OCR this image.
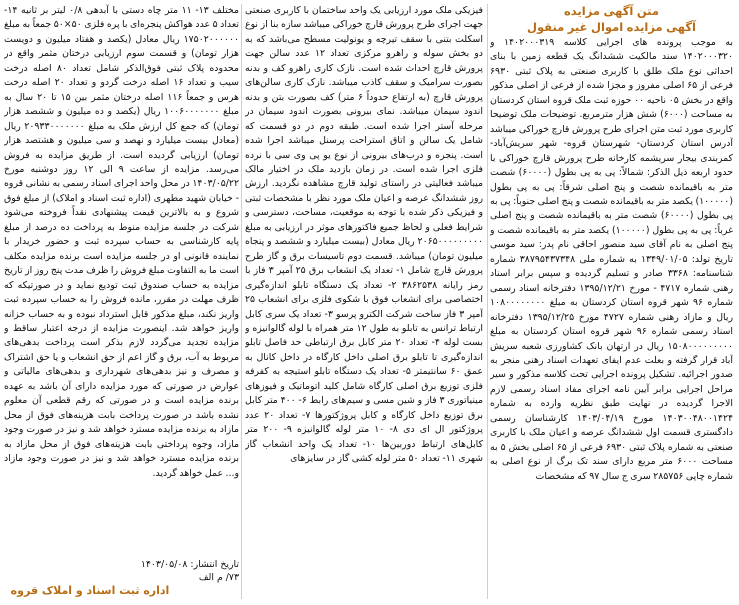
متن آگهی مزایده
آگهی مزایده اموال غیر منقول
به موجب پرونده های اجرایی کلاسه ۱۴۰۲۰۰۰۳۱۹ و ۱۴۰۲۰۰۰۳۲۰ سند مالکیت ششدانگ یک قطعه زمین با بنای احداثی نوع ملک طلق با کاربری صنعتی به پلاک ثبتی ۶۹۳۰ فرعی از ۶۵ اصلی مفروز و مجزا شده از فرعی از اصلی مذکور واقع در بخش ۰۵ ناحیه ۰۰ حوزه ثبت ملک قروه استان کردستان به مساحت (۶۰۰۰) شش هزار مترمربع. توضیحات ملک توضیحا کاربری مورد ثبت متن اجرای طرح پرورش قارچ خوراکی میباشد آدرس استان کردستان- شهرستان قروه- شهر سریش‌آباد-کمربندی بیجار سریشمه کارخانه طرح پرورش قارچ خوراکی با حدود اربعه ذیل الذکر: شمالاً: پی به پی بطول (۶۰۰۰۰) شصت متر به باقیمانده شصت و پنج اصلی شرقاً: پی به پی بطول (۱۰۰۰۰۰) یکصد متر به باقیمانده شصت و پنج اصلی جنوباً: پی به پی بطول (۶۰۰۰۰) شصت متر به باقیمانده شصت و پنج اصلی غرباً: پی به پی بطول (۱۰۰۰۰۰) یکصد متر به باقیمانده شصت و پنج اصلی به نام آقای سید منصور احاقی نام پدر: سید موسی تاریخ تولد: ۱۳۴۹/۰۱/۰۵ به شماره ملی ۳۸۷۹۵۴۳۷۳۴۸ شماره شناسنامه: ۳۳۶۸ صادر و تسلیم گردیده و سپس برابر اسناد رهنی شماره ۴۷۱۷ - مورخ ۱۳۹۵/۱۲/۲۱ دفترخانه اسناد رسمی شماره ۹۶ شهر قروه استان کردستان به مبلغ ۱۰۸۰۰۰۰۰۰۰۰ ریال و مازاد رهنی شماره ۴۷۲۷ مورخ ۱۳۹۵/۱۲/۲۵ دفترخانه اسناد رسمی شماره ۹۶ شهر قروه استان کردستان به مبلغ ۱۵۰۸۰۰۰۰۰۰۰۰۰ ریال در ارتهان بانک کشاورزی شعبه سریش آباد قرار گرفته و بعلت عدم ایفای تعهدات اسناد رهنی منجر به صدور اجرائیه. تشکیل پرونده اجرایی تحت کلاسه مذکور و سیر مراحل اجرایی برابر آیین نامه اجرای مفاد اسناد رسمی لازم الاجرا گردیده در نهایت طبق نظریه وارده به شماره ۱۴۰۳۰۰۴۸۰۰۱۴۲۴ مورخ ۱۴۰۳/۰۴/۱۹ کارشناسان رسمی دادگستری قسمت اول ششدانگ عرصه و اعیان ملک با کاربری صنعتی به شماره پلاک ثبتی ۶۹۳۰ فرعی از ۶۵ اصلی بخش ۵ به مساحت ۶۰۰۰ متر مربع دارای سند تک برگ از نوع اصلی به شماره چاپی ۲۸۵۷۵۶ سری ج سال ۹۷ که مشخصات
فیزیکی ملک مورد ارزیابی یک واحد ساختمان با کاربری صنعتی جهت اجرای طرح پرورش قارچ خوراکی میباشد سازه بنا از نوع اسکلت بتنی با سقف تیرچه و یونولیت مسطح می‌باشد که به دو بخش سوله و راهرو مرکزی تعداد ۱۲ عدد سالن جهت پرورش قارچ احداث شده است. نازک کاری راهرو کف و بدنه بصورت سرامیک و سقف کاذب میباشد. نازک کاری سالن‌های پرورش قارچ (به ارتفاع حدوداً ۶ متر) کف بصورت بتن و بدنه اندود سیمان میباشد. نمای بیرونی بصورت اندود سیمان در مرحله آستر اجرا شده است. طبقه دوم در دو قسمت که شامل یک سالن و اتاق استراحت پرسنل میباشد اجرا شده است. پنجره و درب‌های بیرونی از نوع یو پی وی سی با نرده فلزی اجرا شده است. در زمان بازدید ملک در اختیار مالک میباشد فعالیتی در راستای تولید قارچ مشاهده نگردید. ارزش روز ششدانگ عرصه و اعیان ملک مورد نظر با مشخصات ثبتی و فیزیکی ذکر شده با توجه به موقعیت، مساحت، دسترسی و شرایط فعلی و لحاظ جمیع فاکتورهای موثر در ارزیابی به مبلغ ۲۰۶۵۰۰۰۰۰۰۰۰۰ ریال معادل (بیست میلیارد و ششصد و پنجاه میلیون تومان) میباشد. قسمت دوم تاسیسات برق و گاز طرح پرورش قارچ شامل ۱- تعداد یک انشعاب برق ۲۵ آمپر ۳ فاز با رمز رایانه ۳۸۶۲۵۳۸ ۲- تعداد یک دستگاه تابلو اندازه‌گیری اختصاصی برای انشعاب فوق با شکوی فلزی برای انشعاب ۲۵ آمپر ۳ فاز ساخت شرکت الکترو پرسو ۳- تعداد یک سری کابل ارتباط ترانس به تابلو به طول ۱۲ متر همراه با لوله گالوانیزه و بست لوله ۴- تعداد ۲۰ متر کابل برق ارتباطی حد فاصل تابلو اندازه‌گیری تا تابلو برق اصلی داخل کارگاه در داخل کانال به عمق ۶۰ سانتیمتر ۵- تعداد یک دستگاه تابلو استیجه به کفرفه فلزی توزیع برق اصلی کارگاه شامل کلید اتوماتیک و فیوزهای مینیاتوری ۳ فاز و شین مسی و سیم‌های رابط ۶- ۴۰۰ متر کابل برق توزیع داخل کارگاه و کابل پروژکتورها ۷- تعداد ۲۰ عدد پروژکتور ال ای دی ۸- ۱۰ متر لوله گالوانیزه ۹- ۲۰۰ متر کابل‌های ارتباط دوربین‌ها ۱۰- تعداد یک واحد انشعاب گاز شهری ۱۱- تعداد ۵۰ متر لوله کشی گاز در سایزهای
مختلف ۱۳- ۱۱ متر چاه دستی با آبدهی ۰/۸ لیتر بر ثانیه ۱۴- تعداد ۵ عدد هواکش پنجره‌ای با پره فلزی ۵۰×۵۰ جمعاً به مبلغ ۱۷۵۰۲۰۰۰۰۰۰ ریال معادل (یکصد و هفتاد میلیون و دویست هزار تومان) و قسمت سوم ارزیابی درختان مثمر واقع در محدوده پلاک ثبتی فوق‌الذکر شامل تعداد ۸۰ اصله درخت سیب و تعداد ۱۶ اصله درخت گردو و تعداد ۲۰ اصله درخت هرس و جمعاً ۱۱۶ اصله درختان مثمر بین ۱۵ تا ۲۰ سال به مبلغ ۱۰۰۶۰۰۰۰۰۰۰ ریال (یکصد و ده میلیون و ششصد هزار تومان) که جمع کل ارزش ملک به مبلغ ۲۰۹۳۳۰۰۰۰۰۰۰ ریال (معادل بیست میلیارد و نهصد و سی میلیون و هشتصد هزار تومان) ارزیابی گردیده است. از طریق مزایده به فروش می‌رسد. مزایده از ساعت ۹ الی ۱۲ روز دوشنبه مورخ ۱۴۰۳/۰۵/۲۲ در محل واحد اجرای اسناد رسمی به نشانی قروه - خیابان شهید مطهری (اداره ثبت اسناد و املاک) از مبلغ فوق شروع و به بالاترین قیمت پیشنهادی نقداً فروخته می‌شود شرکت در جلسه مزایده منوط به پرداخت ده درصد از مبلغ پایه کارشناسی به حساب سپرده ثبت و حضور خریدار با نماینده قانونی او در جلسه مزایده است برنده مزایده مکلف است ما به التفاوت مبلغ فروش را ظرف مدت پنج روز از تاریخ مزایده به حساب صندوق ثبت تودیع نماید و در صورتیکه که ظرف مهلت در مقرر، مانده فروش را به حساب سپرده ثبت واریز نکند، مبلغ مذکور قابل استرداد نبوده و به حساب خزانه واریز خواهد شد. اینصورت مزایده از درجه اعتبار ساقط و مزایده تجدید می‌گردد لازم بذکر است پرداخت بدهی‌های مربوط به آب، برق و گاز اعم از حق انشعاب و یا حق اشتراک و مصرف و نیز بدهی‌های شهرداری و بدهی‌های مالیاتی و عوارض در صورتی که مورد مزایده دارای آن باشد به عهده برنده مزایده است و در صورتی که رقم قطعی آن معلوم نشده باشد در صورت پرداخت بابت هزینه‌های فوق از محل مازاد به برنده مزایده مسترد خواهد شد و نیز در صورت وجود مازاد، وجوه پرداختی بابت هزینه‌های فوق از محل مازاد به برنده مزایده مسترد خواهد شد و نیز در صورت وجود مازاد و... عمل خواهد گردید.
تاریخ انتشار: ۱۴۰۳/۰۵/۰۸
۷۳/ م الف
اداره ثبت اسناد و املاک قروه
